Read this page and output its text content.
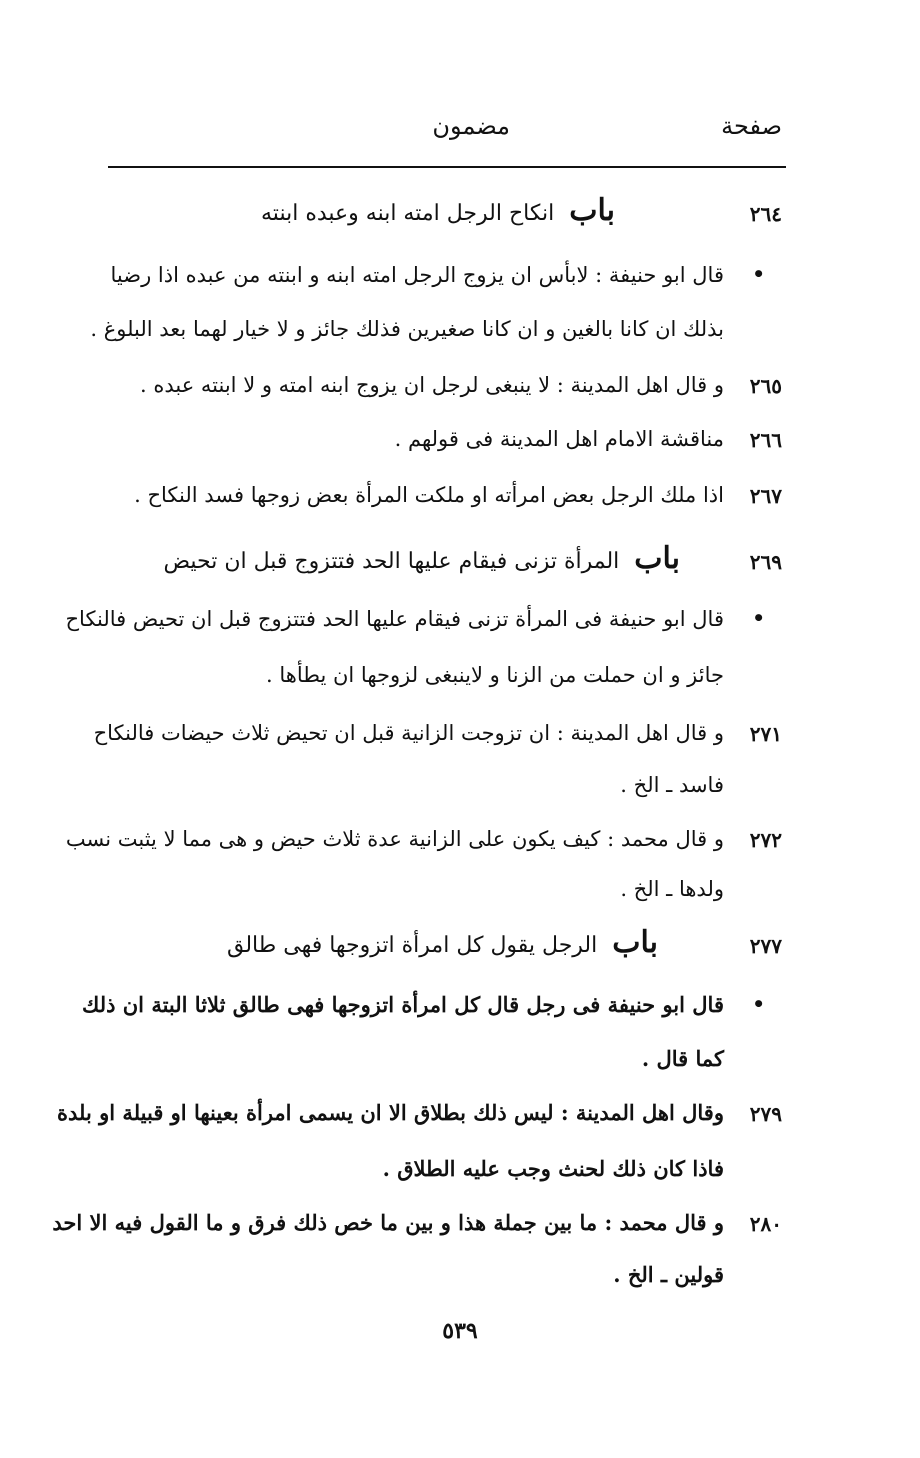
صفحة
مضمون
٢٦٤
باب انكاح الرجل امته ابنه وعبده ابنته
•
قال ابو حنيفة : لابأس ان يزوج الرجل امته ابنه و ابنته من عبده اذا رضيا
بذلك ان كانا بالغين و ان كانا صغيرين فذلك جائز و لا خيار لهما بعد البلوغ .
٢٦٥
و قال اهل المدينة : لا ينبغى لرجل ان يزوج ابنه امته و لا ابنته عبده .
٢٦٦
مناقشة الامام اهل المدينة فى قولهم .
٢٦٧
اذا ملك الرجل بعض امرأته او ملكت المرأة بعض زوجها فسد النكاح .
٢٦٩
باب المرأة تزنى فيقام عليها الحد فتتزوج قبل ان تحيض
•
قال ابو حنيفة فى المرأة تزنى فيقام عليها الحد فتتزوج قبل ان تحيض فالنكاح
جائز و ان حملت من الزنا و لاينبغى لزوجها ان يطأها .
٢٧١
و قال اهل المدينة : ان تزوجت الزانية قبل ان تحيض ثلاث حيضات فالنكاح
فاسد ـ الخ .
٢٧٢
و قال محمد : كيف يكون على الزانية عدة ثلاث حيض و هى مما لا يثبت نسب
ولدها ـ الخ .
٢٧٧
باب الرجل يقول كل امرأة اتزوجها فهى طالق
•
قال ابو حنيفة فى رجل قال كل امرأة اتزوجها فهى طالق ثلاثا البتة ان ذلك
كما قال .
٢٧٩
وقال اهل المدينة : ليس ذلك بطلاق الا ان يسمى امرأة بعينها او قبيلة او بلدة
فاذا كان ذلك لحنث وجب عليه الطلاق .
٢٨٠
و قال محمد : ما بين جملة هذا و بين ما خص ذلك فرق و ما القول فيه الا احد
قولين ـ الخ .
٥٣٩
